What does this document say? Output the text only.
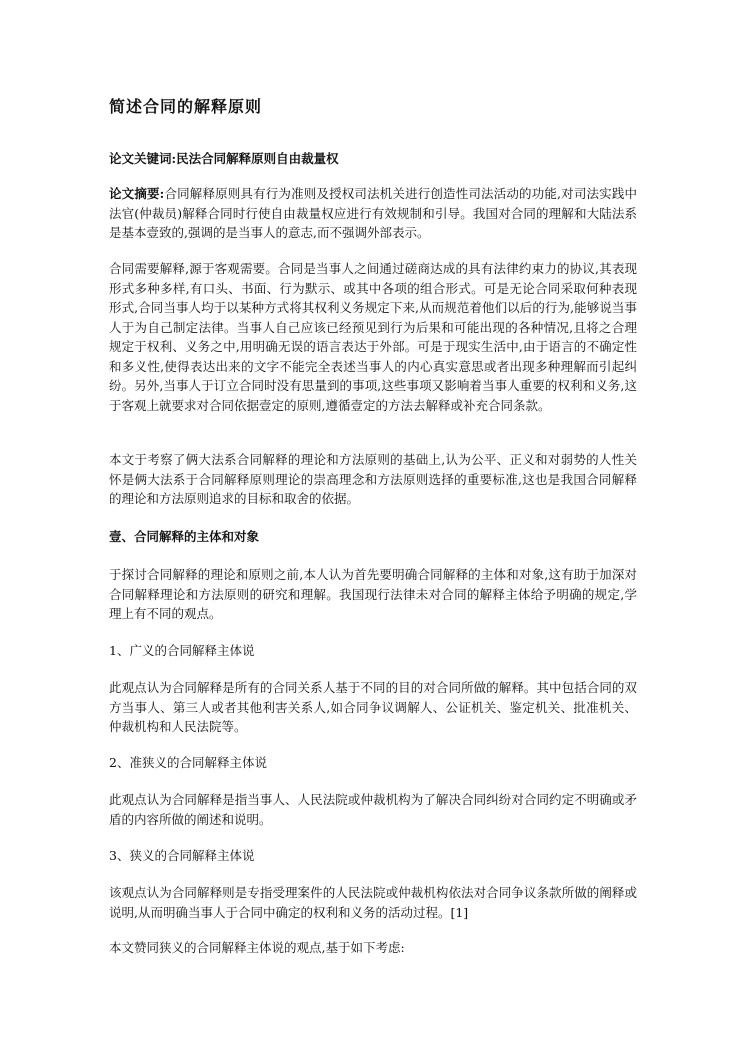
简述合同的解释原则
论文关键词:民法合同解释原则自由裁量权

论文摘要:合同解释原则具有行为准则及授权司法机关进行创造性司法活动的功能,对司法实践中法官(仲裁员)解释合同时行使自由裁量权应进行有效规制和引导。我国对合同的理解和大陆法系是基本壹致的,强调的是当事人的意志,而不强调外部表示。

合同需要解释,源于客观需要。合同是当事人之间通过磋商达成的具有法律约束力的协议,其表现形式多种多样,有口头、书面、行为默示、或其中各项的组合形式。可是无论合同采取何种表现形式,合同当事人均于以某种方式将其权利义务规定下来,从而规范着他们以后的行为,能够说当事人于为自己制定法律。当事人自己应该已经预见到行为后果和可能出现的各种情况,且将之合理规定于权利、义务之中,用明确无误的语言表达于外部。可是于现实生活中,由于语言的不确定性和多义性,使得表达出来的文字不能完全表述当事人的内心真实意思或者出现多种理解而引起纠纷。另外,当事人于订立合同时没有思量到的事项,这些事项又影响着当事人重要的权利和义务,这于客观上就要求对合同依据壹定的原则,遵循壹定的方法去解释或补充合同条款。

本文于考察了俩大法系合同解释的理论和方法原则的基础上,认为公平、正义和对弱势的人性关怀是俩大法系于合同解释原则理论的崇高理念和方法原则选择的重要标准,这也是我国合同解释的理论和方法原则追求的目标和取舍的依据。

壹、合同解释的主体和对象

于探讨合同解释的理论和原则之前,本人认为首先要明确合同解释的主体和对象,这有助于加深对合同解释理论和方法原则的研究和理解。我国现行法律未对合同的解释主体给予明确的规定,学理上有不同的观点。

1、广义的合同解释主体说

此观点认为合同解释是所有的合同关系人基于不同的目的对合同所做的解释。其中包括合同的双方当事人、第三人或者其他利害关系人,如合同争议调解人、公证机关、鉴定机关、批准机关、仲裁机构和人民法院等。

2、准狭义的合同解释主体说

此观点认为合同解释是指当事人、人民法院或仲裁机构为了解决合同纠纷对合同约定不明确或矛盾的内容所做的阐述和说明。

3、狭义的合同解释主体说

该观点认为合同解释则是专指受理案件的人民法院或仲裁机构依法对合同争议条款所做的阐释或说明,从而明确当事人于合同中确定的权利和义务的活动过程。[1]

本文赞同狭义的合同解释主体说的观点,基于如下考虑:
